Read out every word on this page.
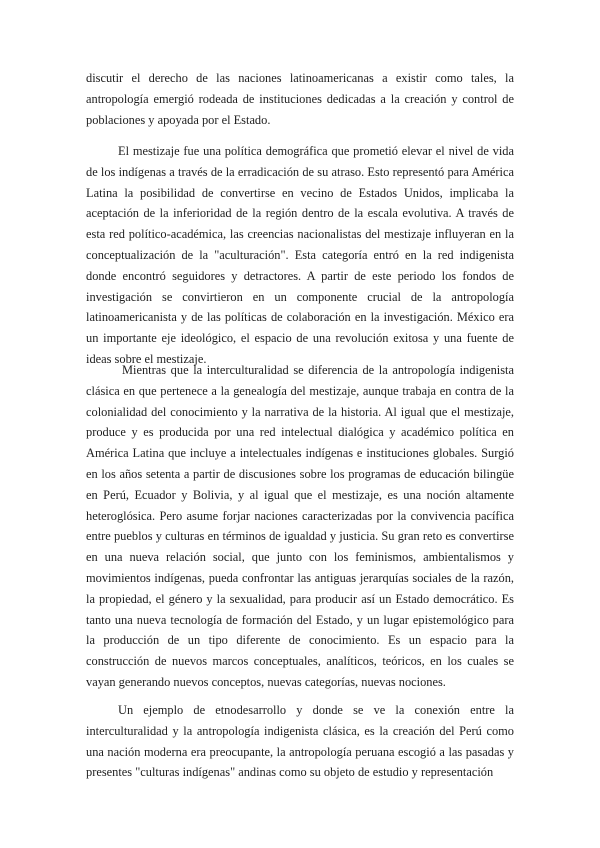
discutir el derecho de las naciones latinoamericanas a existir como tales, la antropología emergió rodeada de instituciones dedicadas a la creación y control de poblaciones y apoyada por el Estado.

El mestizaje fue una política demográfica que prometió elevar el nivel de vida de los indígenas a través de la erradicación de su atraso. Esto representó para América Latina la posibilidad de convertirse en vecino de Estados Unidos, implicaba la aceptación de la inferioridad de la región dentro de la escala evolutiva. A través de esta red político-académica, las creencias nacionalistas del mestizaje influyeran en la conceptualización de la "aculturación". Esta categoría entró en la red indigenista donde encontró seguidores y detractores. A partir de este periodo los fondos de investigación se convirtieron en un componente crucial de la antropología latinoamericanista y de las políticas de colaboración en la investigación. México era un importante eje ideológico, el espacio de una revolución exitosa y una fuente de ideas sobre el mestizaje.

Mientras que la interculturalidad se diferencia de la antropología indigenista clásica en que pertenece a la genealogía del mestizaje, aunque trabaja en contra de la colonialidad del conocimiento y la narrativa de la historia. Al igual que el mestizaje, produce y es producida por una red intelectual dialógica y académico política en América Latina que incluye a intelectuales indígenas e instituciones globales. Surgió en los años setenta a partir de discusiones sobre los programas de educación bilingüe en Perú, Ecuador y Bolivia, y al igual que el mestizaje, es una noción altamente heteroglósica. Pero asume forjar naciones caracterizadas por la convivencia pacífica entre pueblos y culturas en términos de igualdad y justicia. Su gran reto es convertirse en una nueva relación social, que junto con los feminismos, ambientalismos y movimientos indígenas, pueda confrontar las antiguas jerarquías sociales de la razón, la propiedad, el género y la sexualidad, para producir así un Estado democrático. Es tanto una nueva tecnología de formación del Estado, y un lugar epistemológico para la producción de un tipo diferente de conocimiento. Es un espacio para la construcción de nuevos marcos conceptuales, analíticos, teóricos, en los cuales se vayan generando nuevos conceptos, nuevas categorías, nuevas nociones.

Un ejemplo de etnodesarrollo y donde se ve la conexión entre la interculturalidad y la antropología indigenista clásica, es la creación del Perú como una nación moderna era preocupante, la antropología peruana escogió a las pasadas y presentes "culturas indígenas" andinas como su objeto de estudio y representación
